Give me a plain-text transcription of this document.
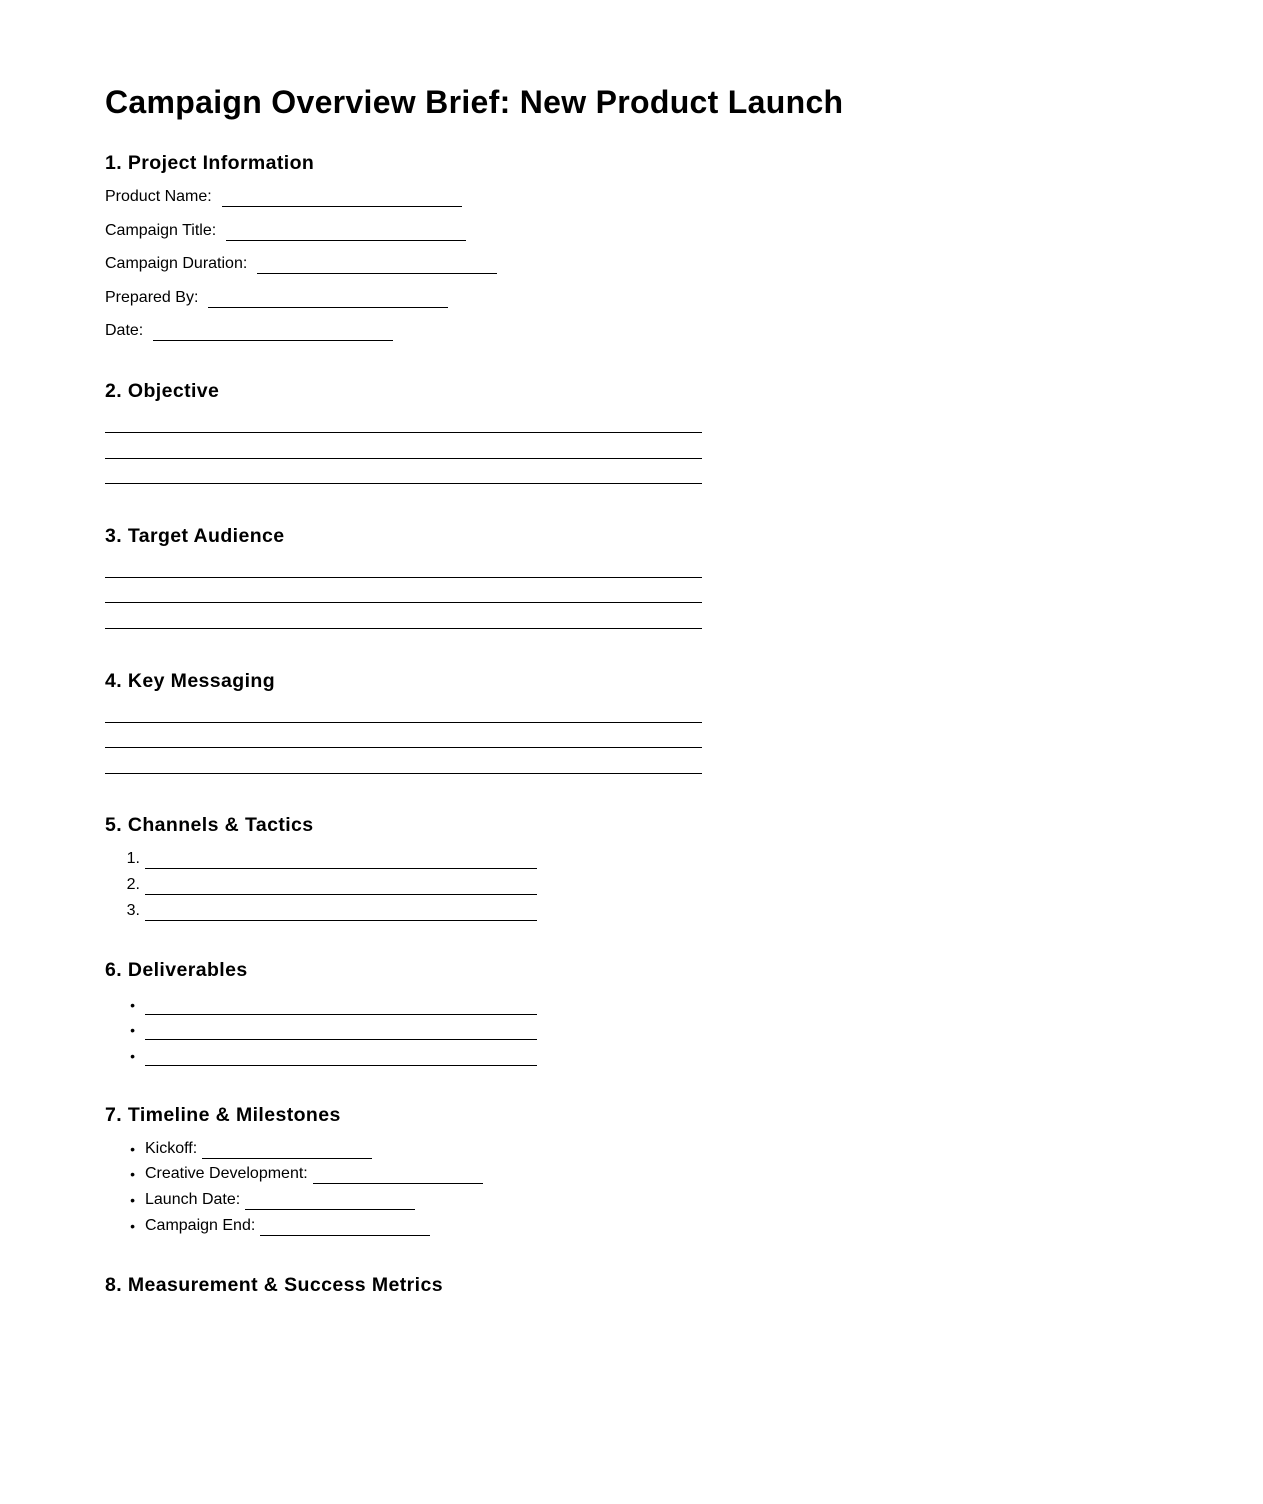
Campaign Overview Brief: New Product Launch
1. Project Information
Product Name:
Campaign Title:
Campaign Duration:
Prepared By:
Date:
2. Objective
3. Target Audience
4. Key Messaging
5. Channels & Tactics
1.
2.
3.
6. Deliverables
•
•
•
7. Timeline & Milestones
• Kickoff:
• Creative Development:
• Launch Date:
• Campaign End:
8. Measurement & Success Metrics
